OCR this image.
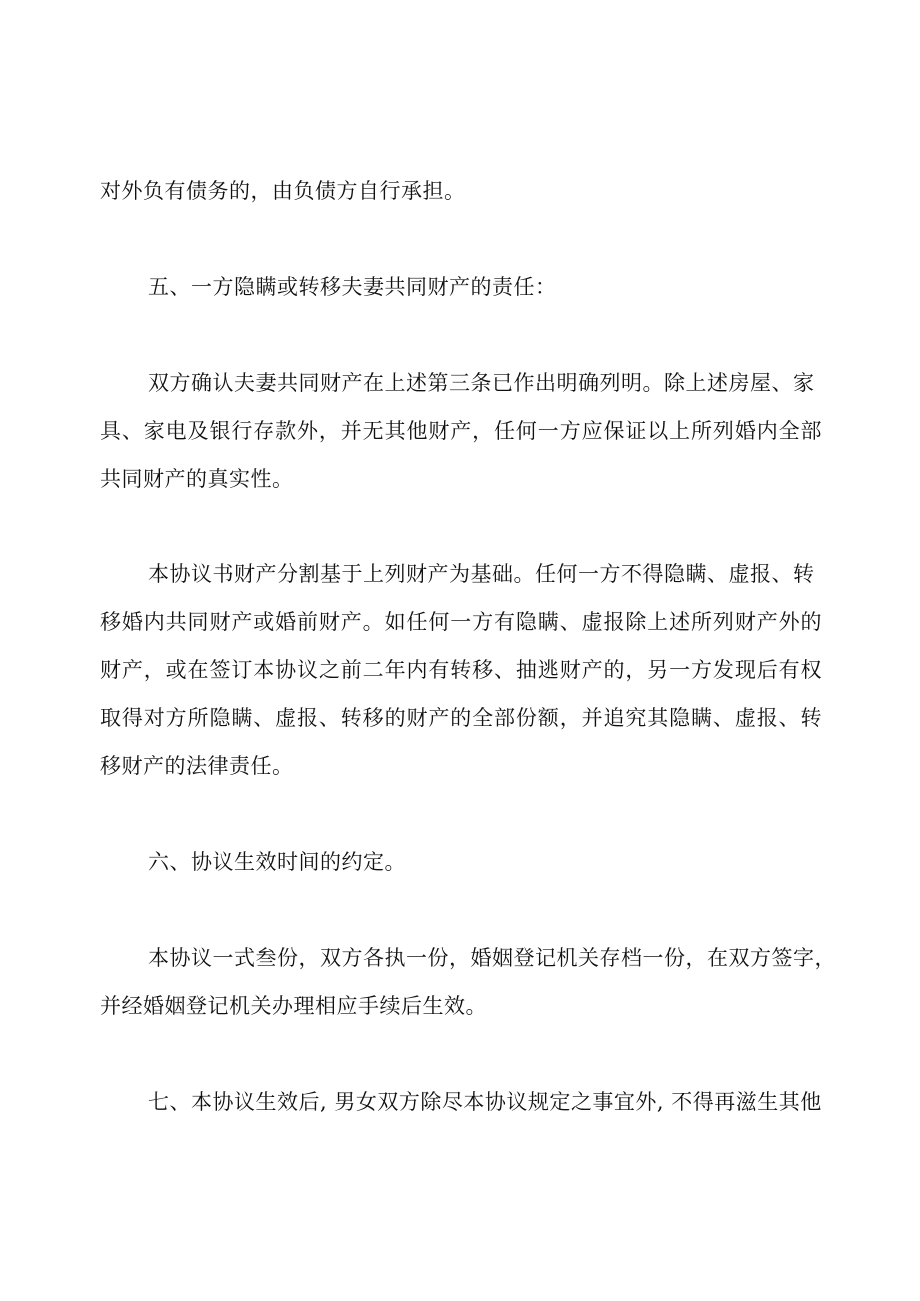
对外负有债务的，由负债方自行承担。
五、一方隐瞒或转移夫妻共同财产的责任：
双方确认夫妻共同财产在上述第三条已作出明确列明。除上述房屋、家
具、家电及银行存款外，并无其他财产，任何一方应保证以上所列婚内全部
共同财产的真实性。
本协议书财产分割基于上列财产为基础。任何一方不得隐瞒、虚报、转
移婚内共同财产或婚前财产。如任何一方有隐瞒、虚报除上述所列财产外的
财产，或在签订本协议之前二年内有转移、抽逃财产的，另一方发现后有权
取得对方所隐瞒、虚报、转移的财产的全部份额，并追究其隐瞒、虚报、转
移财产的法律责任。
六、协议生效时间的约定。
本协议一式叁份，双方各执一份，婚姻登记机关存档一份，在双方签字，
并经婚姻登记机关办理相应手续后生效。
七、本协议生效后, 男女双方除尽本协议规定之事宜外, 不得再滋生其他
